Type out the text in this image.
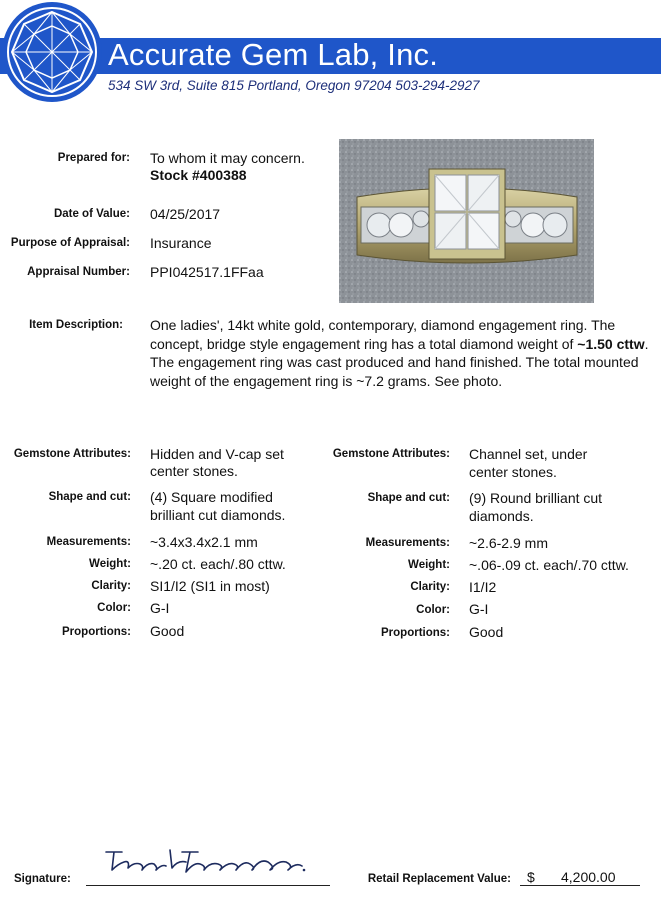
Accurate Gem Lab, Inc.
534 SW 3rd, Suite 815 Portland, Oregon 97204 503-294-2927
Prepared for: To whom it may concern.
Stock #400388
Date of Value: 04/25/2017
Purpose of Appraisal: Insurance
Appraisal Number: PPI042517.1FFaa
Item Description: One ladies', 14kt white gold, contemporary, diamond engagement ring. The concept, bridge style engagement ring has a total diamond weight of ~1.50 cttw. The engagement ring was cast produced and hand finished. The total mounted weight of the engagement ring is ~7.2 grams. See photo.
Gemstone Attributes: Hidden and V-cap set
center stones.
Shape and cut: (4) Square modified
brilliant cut diamonds.
Measurements: ~3.4x3.4x2.1 mm
Weight: ~.20 ct. each/.80 cttw.
Clarity: SI1/I2 (SI1 in most)
Color: G-I
Proportions: Good
Gemstone Attributes: Channel set, under
center stones.
Shape and cut: (9) Round brilliant cut
diamonds.
Measurements: ~2.6-2.9 mm
Weight: ~.06-.09 ct. each/.70 cttw.
Clarity: I1/I2
Color: G-I
Proportions: Good
Signature:	Retail Replacement Value: $ 4,200.00
